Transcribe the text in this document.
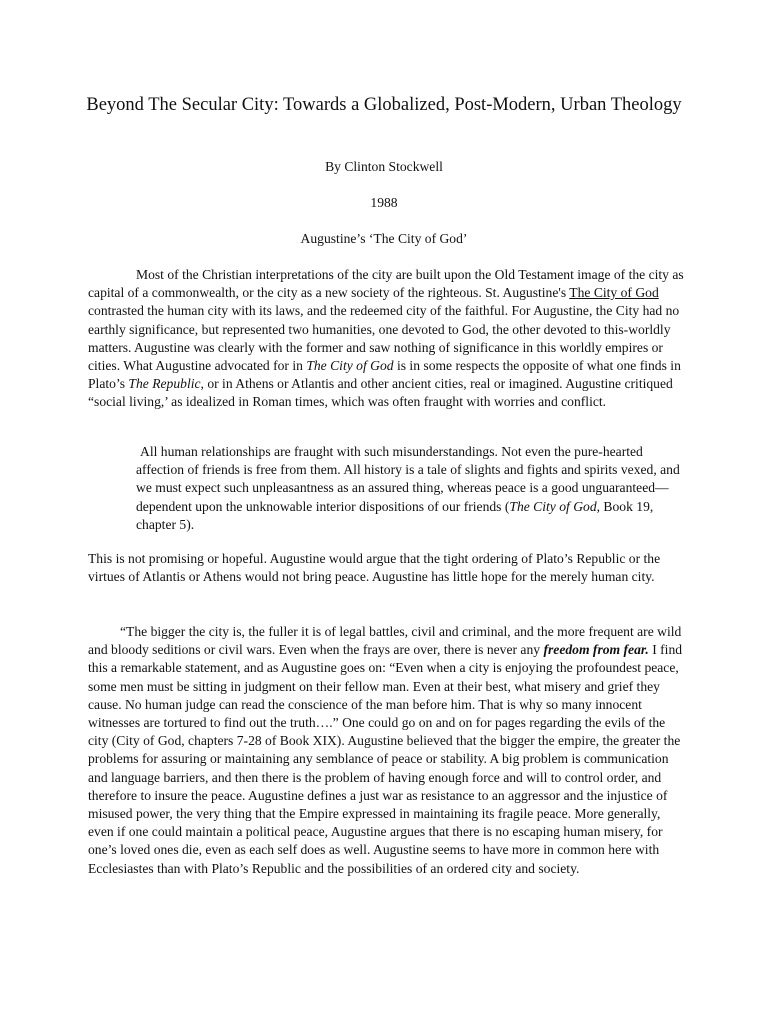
Beyond The Secular City: Towards a Globalized, Post-Modern, Urban Theology

By Clinton Stockwell

1988

Augustine’s ‘The City of God’

Most of the Christian interpretations of the city are built upon the Old Testament image of the city as capital of a commonwealth, or the city as a new society of the righteous. St. Augustine's The City of God contrasted the human city with its laws, and the redeemed city of the faithful. For Augustine, the City had no earthly significance, but represented two humanities, one devoted to God, the other devoted to this-worldly matters. Augustine was clearly with the former and saw nothing of significance in this worldly empires or cities. What Augustine advocated for in The City of God is in some respects the opposite of what one finds in Plato’s The Republic, or in Athens or Atlantis and other ancient cities, real or imagined. Augustine critiqued “social living,’ as idealized in Roman times, which was often fraught with worries and conflict.

All human relationships are fraught with such misunderstandings. Not even the pure-hearted affection of friends is free from them. All history is a tale of slights and fights and spirits vexed, and we must expect such unpleasantness as an assured thing, whereas peace is a good unguaranteed—dependent upon the unknowable interior dispositions of our friends (The City of God, Book 19, chapter 5).

This is not promising or hopeful. Augustine would argue that the tight ordering of Plato’s Republic or the virtues of Atlantis or Athens would not bring peace. Augustine has little hope for the merely human city.

“The bigger the city is, the fuller it is of legal battles, civil and criminal, and the more frequent are wild and bloody seditions or civil wars. Even when the frays are over, there is never any freedom from fear. I find this a remarkable statement, and as Augustine goes on: “Even when a city is enjoying the profoundest peace, some men must be sitting in judgment on their fellow man. Even at their best, what misery and grief they cause. No human judge can read the conscience of the man before him. That is why so many innocent witnesses are tortured to find out the truth….” One could go on and on for pages regarding the evils of the city (City of God, chapters 7-28 of Book XIX). Augustine believed that the bigger the empire, the greater the problems for assuring or maintaining any semblance of peace or stability. A big problem is communication and language barriers, and then there is the problem of having enough force and will to control order, and therefore to insure the peace. Augustine defines a just war as resistance to an aggressor and the injustice of misused power, the very thing that the Empire expressed in maintaining its fragile peace. More generally, even if one could maintain a political peace, Augustine argues that there is no escaping human misery, for one’s loved ones die, even as each self does as well. Augustine seems to have more in common here with Ecclesiastes than with Plato’s Republic and the possibilities of an ordered city and society.
